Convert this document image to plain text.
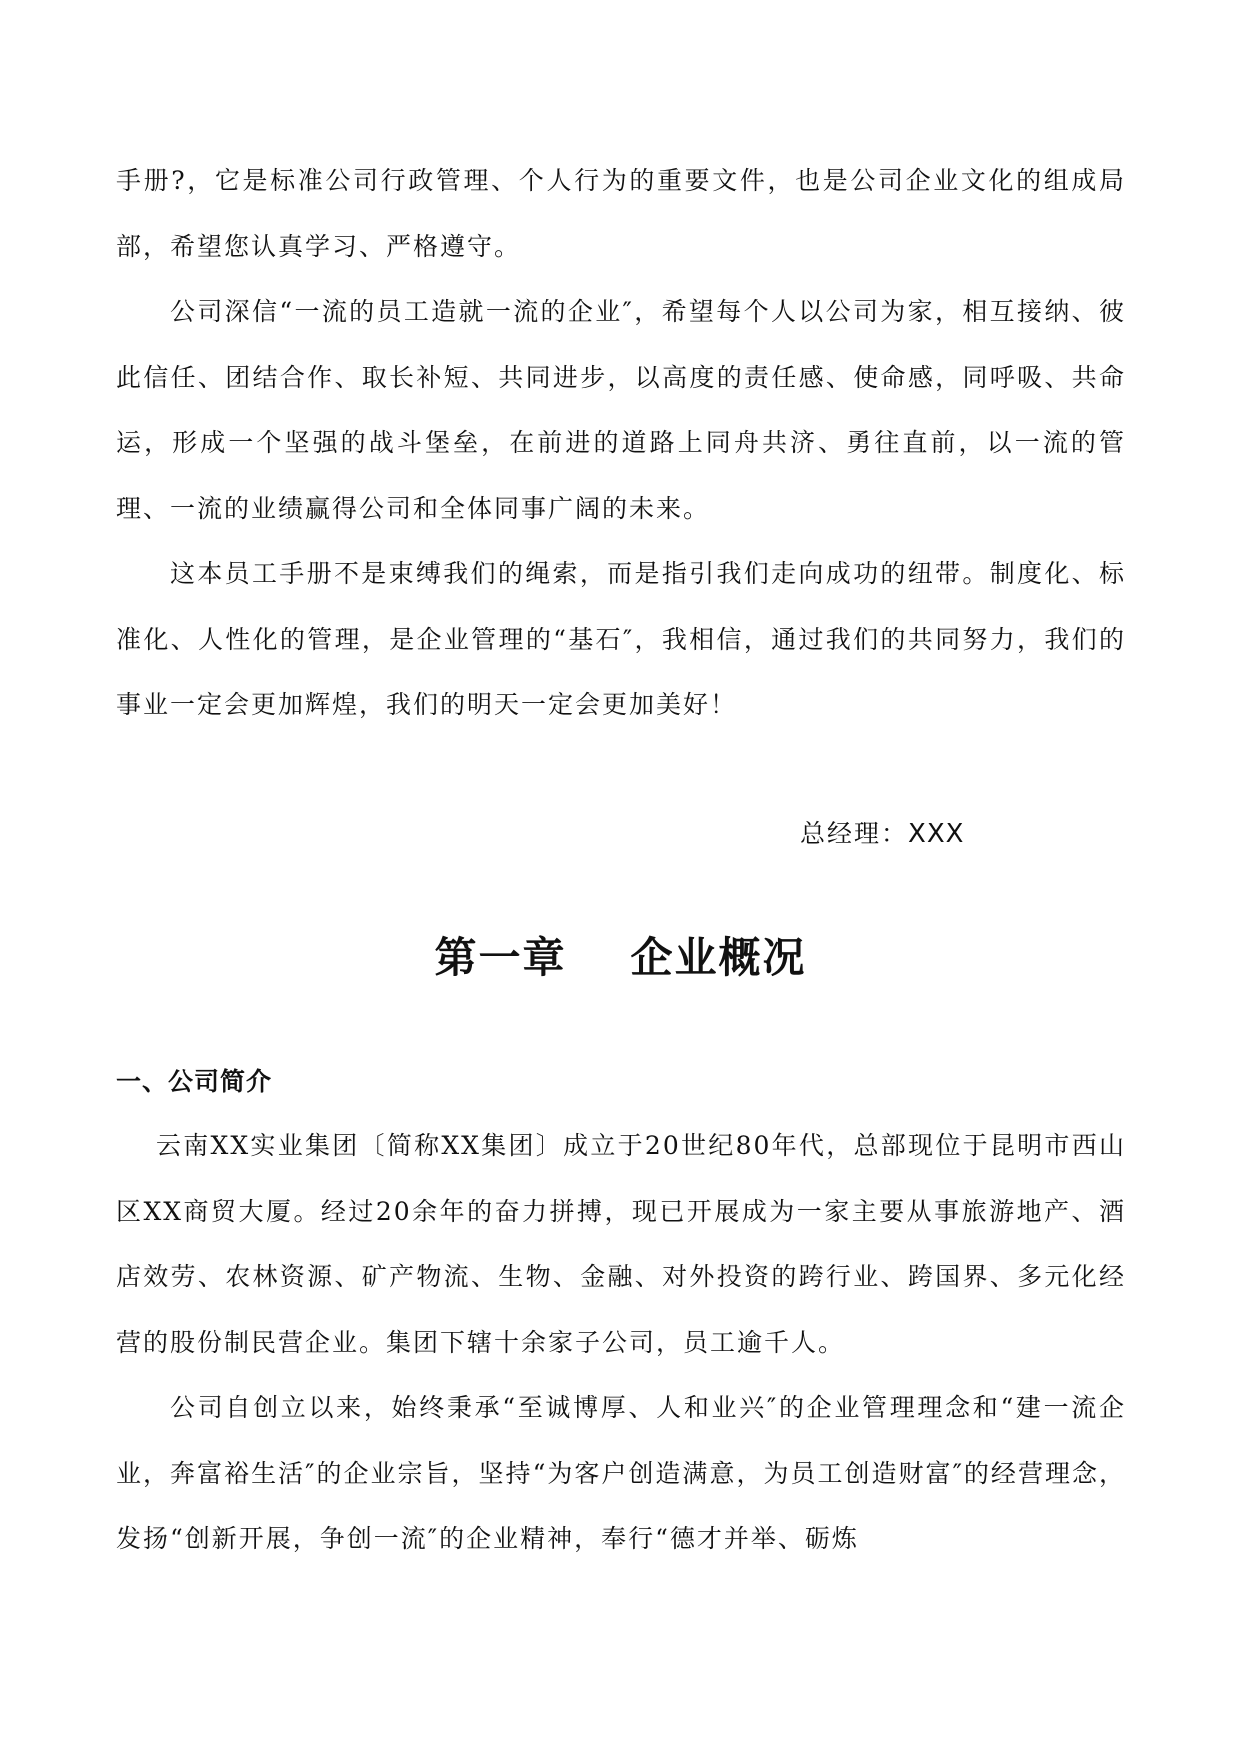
手册?，它是标准公司行政管理、个人行为的重要文件，也是公司企业文化的组成局部，希望您认真学习、严格遵守。

公司深信“一流的员工造就一流的企业″，希望每个人以公司为家，相互接纳、彼此信任、团结合作、取长补短、共同进步，以高度的责任感、使命感，同呼吸、共命运，形成一个坚强的战斗堡垒，在前进的道路上同舟共济、勇往直前，以一流的管理、一流的业绩赢得公司和全体同事广阔的未来。

这本员工手册不是束缚我们的绳索，而是指引我们走向成功的纽带。制度化、标准化、人性化的管理，是企业管理的“基石″，我相信，通过我们的共同努力，我们的事业一定会更加辉煌，我们的明天一定会更加美好！

总经理：XXX

第一章 企业概况
一、公司简介

云南XX实业集团〔简称XX集团〕成立于20世纪80年代，总部现位于昆明市西山区XX商贸大厦。经过20余年的奋力拼搏，现已开展成为一家主要从事旅游地产、酒店效劳、农林资源、矿产物流、生物、金融、对外投资的跨行业、跨国界、多元化经营的股份制民营企业。集团下辖十余家子公司，员工逾千人。

公司自创立以来，始终秉承“至诚博厚、人和业兴″的企业管理理念和“建一流企业，奔富裕生活″的企业宗旨，坚持“为客户创造满意，为员工创造财富″的经营理念，发扬“创新开展，争创一流″的企业精神，奉行“德才并举、砺炼
